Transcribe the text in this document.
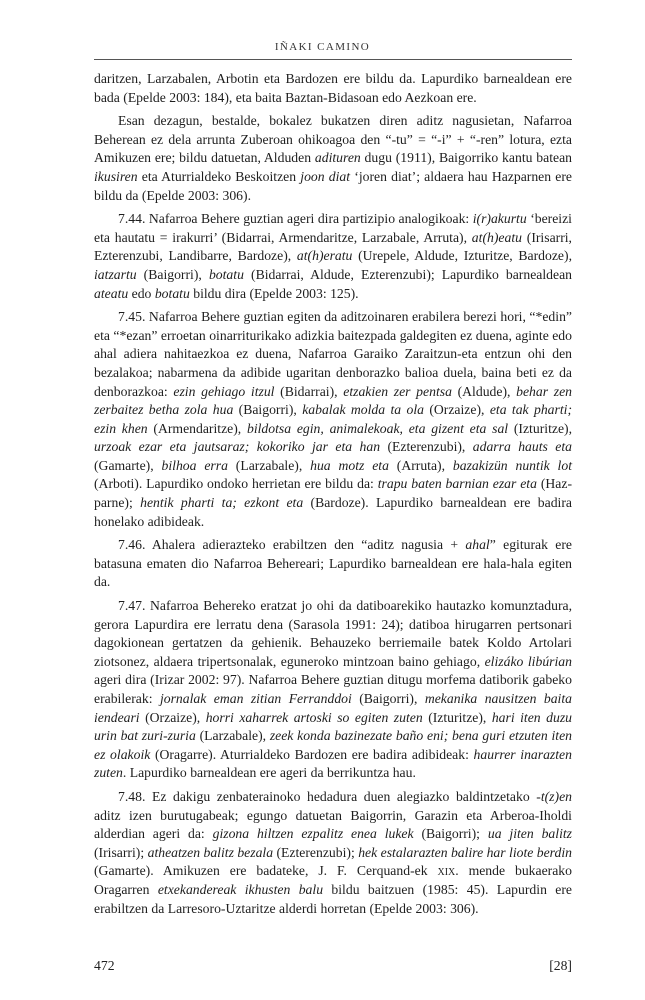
IÑAKI CAMINO

daritzen, Larzabalen, Arbotin eta Bardozen ere bildu da. Lapurdiko barnealdean ere bada (Epelde 2003: 184), eta baita Baztan-Bidasoan edo Aezkoan ere.

Esan dezagun, bestalde, bokalez bukatzen diren aditz nagusietan, Nafarroa Beherean ez dela arrunta Zuberoan ohikoagoa den “-tu” = “-i” + “-ren” lotura, ezta Amikuzen ere; bildu datuetan, Alduden adituren dugu (1911), Baigorriko kantu batean ikusiren eta Aturrialdeko Beskoitzen joon diat ‘joren diat’; aldaera hau Hazparnen ere bildu da (Epelde 2003: 306).

7.44. Nafarroa Behere guztian ageri dira partizipio analogikoak: i(r)akurtu ‘bereizi eta hautatu = irakurri’ (Bidarrai, Armendaritze, Larzabale, Arruta), at(h)eatu (Irisarri, Ezterenzubi, Landibarre, Bardoze), at(h)eratu (Urepele, Aldude, Izturitze, Bardoze), iatzartu (Baigorri), botatu (Bidarrai, Aldude, Ezterenzubi); Lapurdiko barnealdean ateatu edo botatu bildu dira (Epelde 2003: 125).

7.45. Nafarroa Behere guztian egiten da aditzoinaren erabilera berezi hori, “*edin” eta “*ezan” erroetan oinarriturikako adizkia baitezpada galdegiten ez duena, aginte edo ahal adiera nahitaezkoa ez duena, Nafarroa Garaiko Zaraitzun-eta entzun ohi den bezalakoa; nabarmena da adibide ugaritan denborazko balioa duela, baina beti ez da denborazkoa: ezin gehiago itzul (Bidarrai), etzakien zer pentsa (Aldude), behar zen zerbaitez betha zola hua (Baigorri), kabalak molda ta ola (Orzaize), eta tak pharti; ezin khen (Armendaritze), bildotsa egin, animalekoak, eta gizent eta sal (Izturitze), urzoak ezar eta jautsaraz; kokoriko jar eta han (Ezterenzubi), adarra hauts eta (Gamarte), bilhoa erra (Larzabale), hua motz eta (Arruta), bazakizün nuntik lot (Arboti). Lapurdiko ondoko herrietan ere bildu da: trapu baten barnian ezar eta (Hazparne); hentik pharti ta; ezkont eta (Bardoze). Lapurdiko barnealdean ere badira honelako adibideak.

7.46. Ahalera adierazteko erabiltzen den “aditz nagusia + ahal” egiturak ere batasuna ematen dio Nafarroa Behereari; Lapurdiko barnealdean ere hala-hala egiten da.

7.47. Nafarroa Behereko eratzat jo ohi da datiboarekiko hautazko komunztadura, gerora Lapurdira ere lerratu dena (Sarasola 1991: 24); datiboa hirugarren pertsonari dagokionean gertatzen da gehienik. Behauzeko berriemaile batek Koldo Artolari ziotsonez, aldaera tripertsonalak, eguneroko mintzoan baino gehiago, elizáko libúrian ageri dira (Irizar 2002: 97). Nafarroa Behere guztian ditugu morfema datiborik gabeko erabilerak: jornalak eman zitian Ferranddoi (Baigorri), mekanika nausitzen baita iendeari (Orzaize), horri xaharrek artoski so egiten zuten (Izturitze), hari iten duzu urin bat zuri-zuria (Larzabale), zeek konda bazinezate baño eni; bena guri etzuten iten ez olakoik (Oragarre). Aturrialdeko Bardozen ere badira adibideak: haurrer inarazten zuten. Lapurdiko barnealdean ere ageri da berrikuntza hau.

7.48. Ez dakigu zenbaterainoko hedadura duen alegiazko baldintzetako -t(z)en aditz izen burutugabeak; egungo datuetan Baigorrin, Garazin eta Arberoa-Iholdi alderdian ageri da: gizona hiltzen ezpalitz enea lukek (Baigorri); ua jiten balitz (Irisarri); atheatzen balitz bezala (Ezterenzubi); hek estalarazten balire har liote berdin (Gamarte). Amikuzen ere badateke, J. F. Cerquand-ek xix. mende bukaerako Oragarren etxekandereak ikhusten balu bildu baitzuen (1985: 45). Lapurdin ere erabiltzen da Larresoro-Uztaritze alderdi horretan (Epelde 2003: 306).

472	[28]
